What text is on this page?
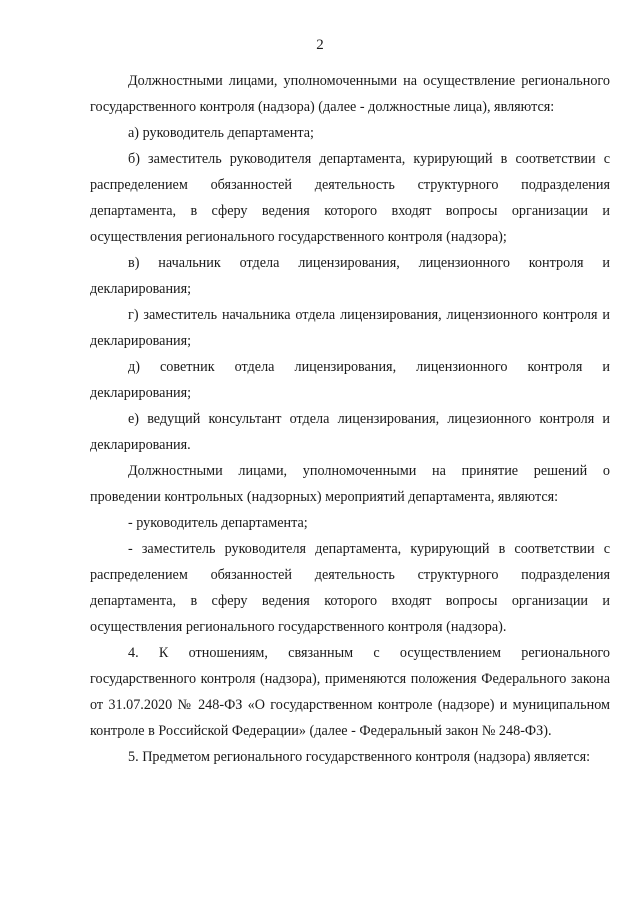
2

Должностными лицами, уполномоченными на осуществление регионального государственного контроля (надзора) (далее - должностные лица), являются:

а) руководитель департамента;

б) заместитель руководителя департамента, курирующий в соответствии с распределением обязанностей деятельность структурного подразделения департамента, в сферу ведения которого входят вопросы организации и осуществления регионального государственного контроля (надзора);

в) начальник отдела лицензирования, лицензионного контроля и декларирования;

г) заместитель начальника отдела лицензирования, лицензионного контроля и декларирования;

д) советник отдела лицензирования, лицензионного контроля и декларирования;

е) ведущий консультант отдела лицензирования, лицезионного контроля и декларирования.

Должностными лицами, уполномоченными на принятие решений о проведении контрольных (надзорных) мероприятий департамента, являются:

- руководитель департамента;

- заместитель руководителя департамента, курирующий в соответствии с распределением обязанностей деятельность структурного подразделения департамента, в сферу ведения которого входят вопросы организации и осуществления регионального государственного контроля (надзора).

4. К отношениям, связанным с осуществлением регионального государственного контроля (надзора), применяются положения Федерального закона от 31.07.2020 № 248-ФЗ «О государственном контроле (надзоре) и муниципальном контроле в Российской Федерации» (далее - Федеральный закон № 248-ФЗ).

5. Предметом регионального государственного контроля (надзора) является:
